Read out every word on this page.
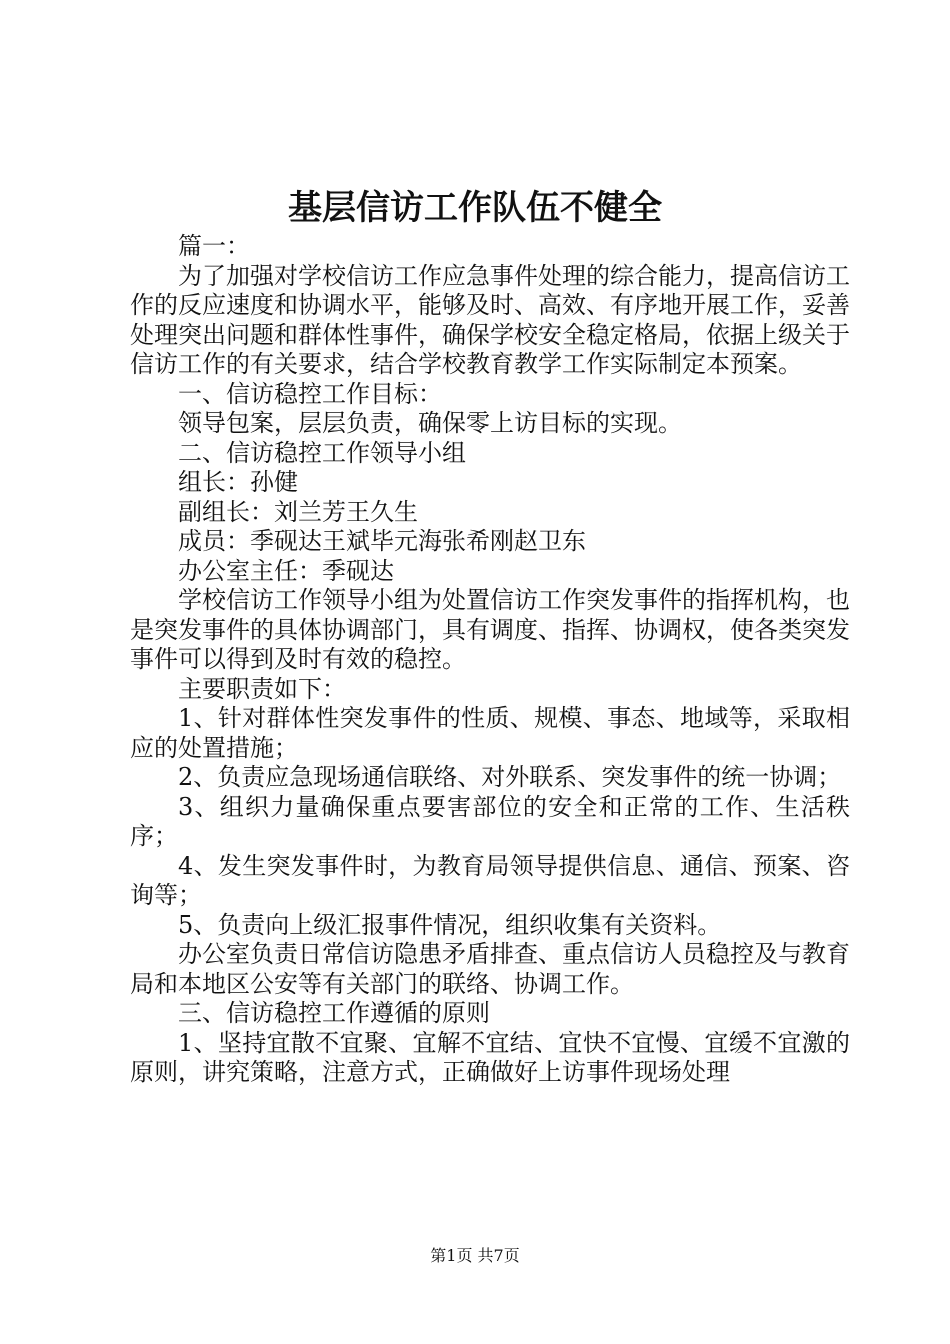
基层信访工作队伍不健全

篇一：

为了加强对学校信访工作应急事件处理的综合能力，提高信访工作的反应速度和协调水平，能够及时、高效、有序地开展工作，妥善处理突出问题和群体性事件，确保学校安全稳定格局，依据上级关于信访工作的有关要求，结合学校教育教学工作实际制定本预案。

一、信访稳控工作目标：

领导包案，层层负责，确保零上访目标的实现。

二、信访稳控工作领导小组

组长：孙健

副组长：刘兰芳王久生

成员：季砚达王斌毕元海张希刚赵卫东

办公室主任：季砚达

学校信访工作领导小组为处置信访工作突发事件的指挥机构，也是突发事件的具体协调部门，具有调度、指挥、协调权，使各类突发事件可以得到及时有效的稳控。

主要职责如下：

1、针对群体性突发事件的性质、规模、事态、地域等，采取相应的处置措施；

2、负责应急现场通信联络、对外联系、突发事件的统一协调；

3、组织力量确保重点要害部位的安全和正常的工作、生活秩序；

4、发生突发事件时，为教育局领导提供信息、通信、预案、咨询等；

5、负责向上级汇报事件情况，组织收集有关资料。

办公室负责日常信访隐患矛盾排查、重点信访人员稳控及与教育局和本地区公安等有关部门的联络、协调工作。

三、信访稳控工作遵循的原则

1、坚持宜散不宜聚、宜解不宜结、宜快不宜慢、宜缓不宜激的原则，讲究策略，注意方式，正确做好上访事件现场处理

第1页 共7页
